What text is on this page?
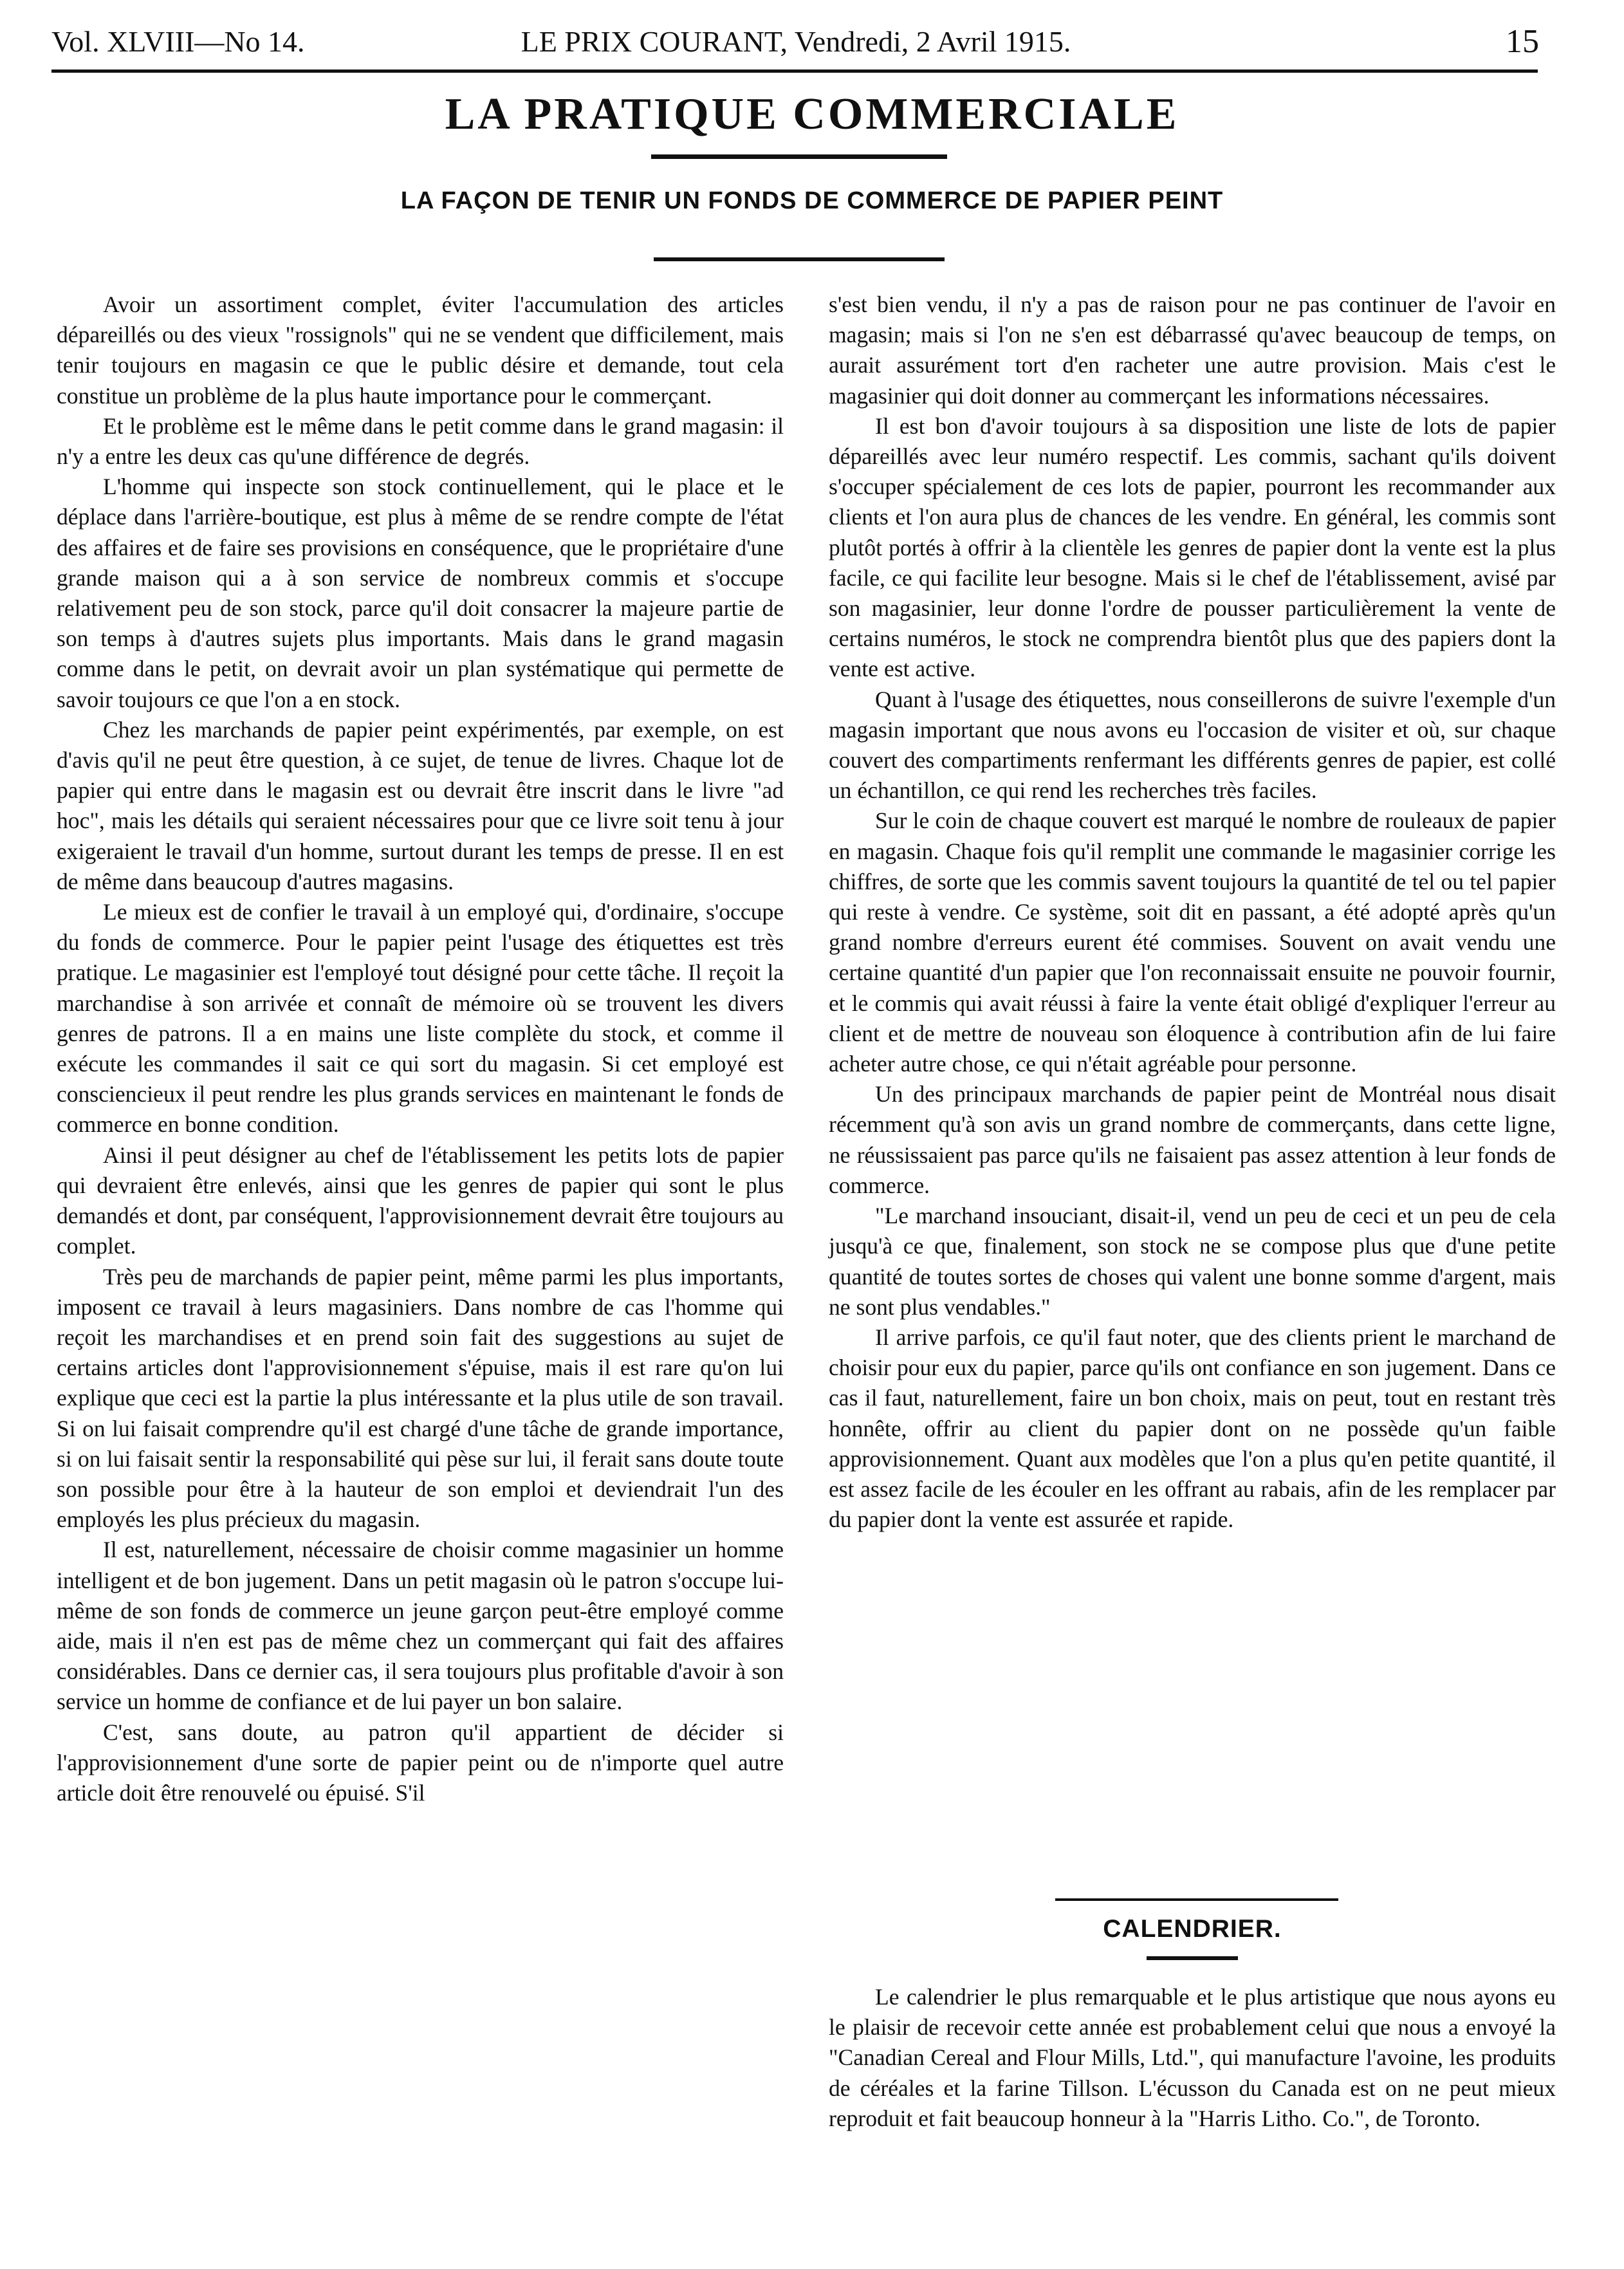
Vol. XLVIII—No 14.	LE PRIX COURANT, Vendredi, 2 Avril 1915.	15
LA PRATIQUE COMMERCIALE
LA FAÇON DE TENIR UN FONDS DE COMMERCE DE PAPIER PEINT

Avoir un assortiment complet, éviter l'accumulation des articles dépareillés ou des vieux "rossignols" qui ne se vendent que difficilement, mais tenir toujours en magasin ce que le public désire et demande, tout cela constitue un problème de la plus haute importance pour le commerçant.

Et le problème est le même dans le petit comme dans le grand magasin: il n'y a entre les deux cas qu'une différence de degrés.

L'homme qui inspecte son stock continuellement, qui le place et le déplace dans l'arrière-boutique, est plus à même de se rendre compte de l'état des affaires et de faire ses provisions en conséquence, que le propriétaire d'une grande maison qui a à son service de nombreux commis et s'occupe relativement peu de son stock, parce qu'il doit consacrer la majeure partie de son temps à d'autres sujets plus importants. Mais dans le grand magasin comme dans le petit, on devrait avoir un plan systématique qui permette de savoir toujours ce que l'on a en stock.

Chez les marchands de papier peint expérimentés, par exemple, on est d'avis qu'il ne peut être question, à ce sujet, de tenue de livres. Chaque lot de papier qui entre dans le magasin est ou devrait être inscrit dans le livre "ad hoc", mais les détails qui seraient nécessaires pour que ce livre soit tenu à jour exigeraient le travail d'un homme, surtout durant les temps de presse. Il en est de même dans beaucoup d'autres magasins.

Le mieux est de confier le travail à un employé qui, d'ordinaire, s'occupe du fonds de commerce. Pour le papier peint l'usage des étiquettes est très pratique. Le magasinier est l'employé tout désigné pour cette tâche. Il reçoit la marchandise à son arrivée et connaît de mémoire où se trouvent les divers genres de patrons. Il a en mains une liste complète du stock, et comme il exécute les commandes il sait ce qui sort du magasin. Si cet employé est consciencieux il peut rendre les plus grands services en maintenant le fonds de commerce en bonne condition.

Ainsi il peut désigner au chef de l'établissement les petits lots de papier qui devraient être enlevés, ainsi que les genres de papier qui sont le plus demandés et dont, par conséquent, l'approvisionnement devrait être toujours au complet.

Très peu de marchands de papier peint, même parmi les plus importants, imposent ce travail à leurs magasiniers. Dans nombre de cas l'homme qui reçoit les marchandises et en prend soin fait des suggestions au sujet de certains articles dont l'approvisionnement s'épuise, mais il est rare qu'on lui explique que ceci est la partie la plus intéressante et la plus utile de son travail. Si on lui faisait comprendre qu'il est chargé d'une tâche de grande importance, si on lui faisait sentir la responsabilité qui pèse sur lui, il ferait sans doute toute son possible pour être à la hauteur de son emploi et deviendrait l'un des employés les plus précieux du magasin.

Il est, naturellement, nécessaire de choisir comme magasinier un homme intelligent et de bon jugement. Dans un petit magasin où le patron s'occupe lui-même de son fonds de commerce un jeune garçon peut-être employé comme aide, mais il n'en est pas de même chez un commerçant qui fait des affaires considérables. Dans ce dernier cas, il sera toujours plus profitable d'avoir à son service un homme de confiance et de lui payer un bon salaire.

C'est, sans doute, au patron qu'il appartient de décider si l'approvisionnement d'une sorte de papier peint ou de n'importe quel autre article doit être renouvelé ou épuisé. S'il

s'est bien vendu, il n'y a pas de raison pour ne pas continuer de l'avoir en magasin; mais si l'on ne s'en est débarrassé qu'avec beaucoup de temps, on aurait assurément tort d'en racheter une autre provision. Mais c'est le magasinier qui doit donner au commerçant les informations nécessaires.

Il est bon d'avoir toujours à sa disposition une liste de lots de papier dépareillés avec leur numéro respectif. Les commis, sachant qu'ils doivent s'occuper spécialement de ces lots de papier, pourront les recommander aux clients et l'on aura plus de chances de les vendre. En général, les commis sont plutôt portés à offrir à la clientèle les genres de papier dont la vente est la plus facile, ce qui facilite leur besogne. Mais si le chef de l'établissement, avisé par son magasinier, leur donne l'ordre de pousser particulièrement la vente de certains numéros, le stock ne comprendra bientôt plus que des papiers dont la vente est active.

Quant à l'usage des étiquettes, nous conseillerons de suivre l'exemple d'un magasin important que nous avons eu l'occasion de visiter et où, sur chaque couvert des compartiments renfermant les différents genres de papier, est collé un échantillon, ce qui rend les recherches très faciles.

Sur le coin de chaque couvert est marqué le nombre de rouleaux de papier en magasin. Chaque fois qu'il remplit une commande le magasinier corrige les chiffres, de sorte que les commis savent toujours la quantité de tel ou tel papier qui reste à vendre. Ce système, soit dit en passant, a été adopté après qu'un grand nombre d'erreurs eurent été commises. Souvent on avait vendu une certaine quantité d'un papier que l'on reconnaissait ensuite ne pouvoir fournir, et le commis qui avait réussi à faire la vente était obligé d'expliquer l'erreur au client et de mettre de nouveau son éloquence à contribution afin de lui faire acheter autre chose, ce qui n'était agréable pour personne.

Un des principaux marchands de papier peint de Montréal nous disait récemment qu'à son avis un grand nombre de commerçants, dans cette ligne, ne réussissaient pas parce qu'ils ne faisaient pas assez attention à leur fonds de commerce.

"Le marchand insouciant, disait-il, vend un peu de ceci et un peu de cela jusqu'à ce que, finalement, son stock ne se compose plus que d'une petite quantité de toutes sortes de choses qui valent une bonne somme d'argent, mais ne sont plus vendables."

Il arrive parfois, ce qu'il faut noter, que des clients prient le marchand de choisir pour eux du papier, parce qu'ils ont confiance en son jugement. Dans ce cas il faut, naturellement, faire un bon choix, mais on peut, tout en restant très honnête, offrir au client du papier dont on ne possède qu'un faible approvisionnement. Quant aux modèles que l'on a plus qu'en petite quantité, il est assez facile de les écouler en les offrant au rabais, afin de les remplacer par du papier dont la vente est assurée et rapide.

CALENDRIER.

Le calendrier le plus remarquable et le plus artistique que nous ayons eu le plaisir de recevoir cette année est probablement celui que nous a envoyé la "Canadian Cereal and Flour Mills, Ltd.", qui manufacture l'avoine, les produits de céréales et la farine Tillson. L'écusson du Canada est on ne peut mieux reproduit et fait beaucoup honneur à la "Harris Litho. Co.", de Toronto.
